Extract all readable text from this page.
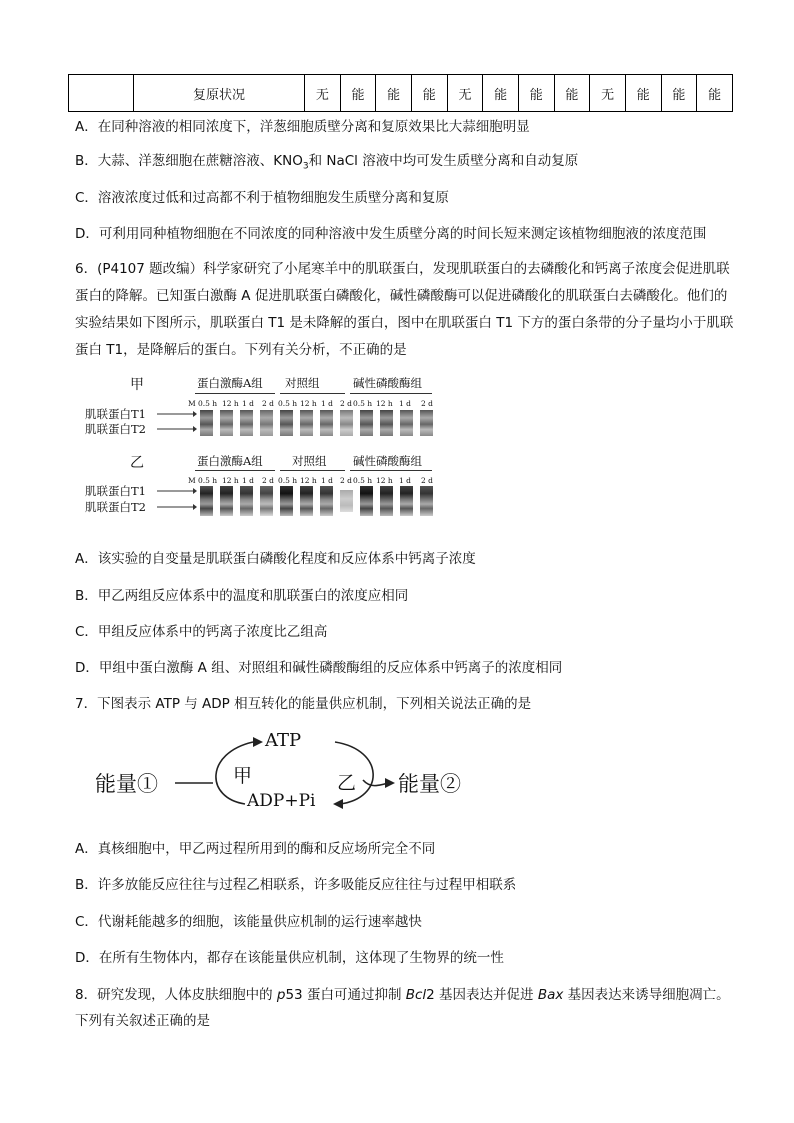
	复原状况	无	能	能	能	无	能	能	能	无	能	能	能
A．在同种溶液的相同浓度下，洋葱细胞质壁分离和复原效果比大蒜细胞明显
B．大蒜、洋葱细胞在蔗糖溶液、$KNO_3$和 NaCl 溶液中均可发生质壁分离和自动复原
C．溶液浓度过低和过高都不利于植物细胞发生质壁分离和复原
D．可利用同种植物细胞在不同浓度的同种溶液中发生质壁分离的时间长短来测定该植物细胞液的浓度范围
6．(P4107 题改编）科学家研究了小尾寒羊中的肌联蛋白，发现肌联蛋白的去磷酸化和钙离子浓度会促进肌联蛋白的降解。已知蛋白激酶 A 促进肌联蛋白磷酸化，碱性磷酸酶可以促进磷酸化的肌联蛋白去磷酸化。他们的实验结果如下图所示，肌联蛋白 T1 是未降解的蛋白，图中在肌联蛋白 T1 下方的蛋白条带的分子量均小于肌联蛋白 T1，是降解后的蛋白。下列有关分析，不正确的是
甲	蛋白激酶A组 对照组	碱性磷酸酶组
M 0.5 h 12 h 1 d 2 d 0.5 h 12 h 1 d 2 d 0.5 h 12 h 1 d 2 d
肌联蛋白T1
肌联蛋白T2
乙	蛋白激酶A组	对照组 碱性磷酸酶组
M 0.5 h 12 h 1 d 2 d 0.5 h 12 h 1 d 2 d 0.5 h 12 h 1 d 2 d
肌联蛋白T1
肌联蛋白T2
A．该实验的自变量是肌联蛋白磷酸化程度和反应体系中钙离子浓度
B．甲乙两组反应体系中的温度和肌联蛋白的浓度应相同
C．甲组反应体系中的钙离子浓度比乙组高
D．甲组中蛋白激酶 A 组、对照组和碱性磷酸酶组的反应体系中钙离子的浓度相同
7．下图表示 ATP 与 ADP 相互转化的能量供应机制，下列相关说法正确的是
能量①
ATP
甲	乙
ADP+Pi
能量②
A．真核细胞中，甲乙两过程所用到的酶和反应场所完全不同
B．许多放能反应往往与过程乙相联系，许多吸能反应往往与过程甲相联系
C．代谢耗能越多的细胞，该能量供应机制的运行速率越快
D．在所有生物体内，都存在该能量供应机制，这体现了生物界的统一性
8．研究发现，人体皮肤细胞中的 p53 蛋白可通过抑制 Bcl2 基因表达并促进 Bax 基因表达来诱导细胞凋亡。
下列有关叙述正确的是
